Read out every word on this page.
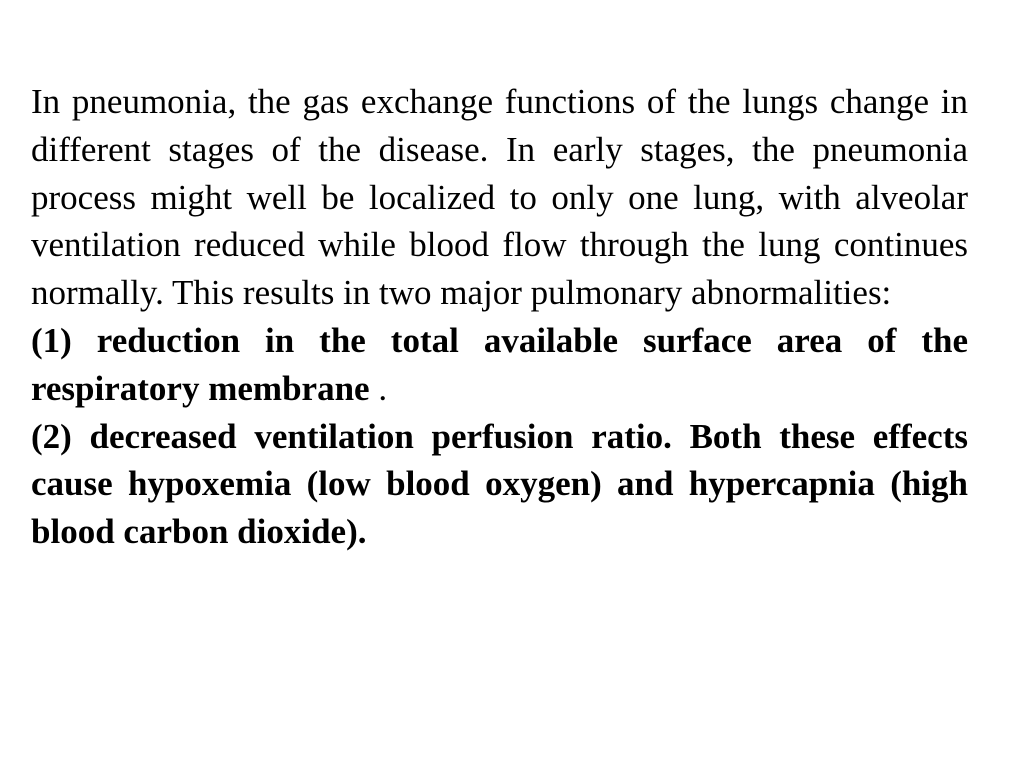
In pneumonia, the gas exchange functions of the lungs change in different stages of the disease. In early stages, the pneumonia process might well be localized to only one lung, with alveolar ventilation reduced while blood flow through the lung continues normally. This results in two major pulmonary abnormalities:

(1) reduction in the total available surface area of the respiratory membrane .

(2) decreased ventilation perfusion ratio. Both these effects cause hypoxemia (low blood oxygen) and hypercapnia (high blood carbon dioxide).
